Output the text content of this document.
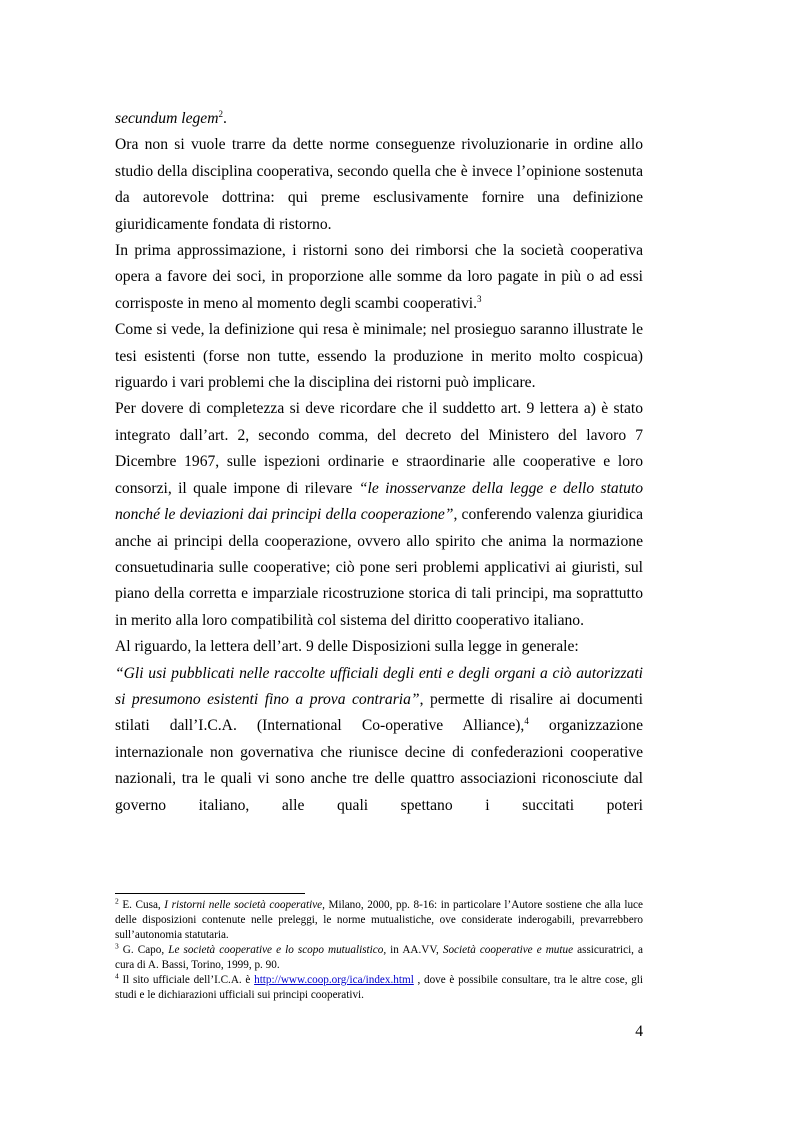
secundum legem$^2$.

Ora non si vuole trarre da dette norme conseguenze rivoluzionarie in ordine allo studio della disciplina cooperativa, secondo quella che è invece l’opinione sostenuta da autorevole dottrina: qui preme esclusivamente fornire una definizione giuridicamente fondata di ristorno.

In prima approssimazione, i ristorni sono dei rimborsi che la società cooperativa opera a favore dei soci, in proporzione alle somme da loro pagate in più o ad essi corrisposte in meno al momento degli scambi cooperativi.$^3$

Come si vede, la definizione qui resa è minimale; nel prosieguo saranno illustrate le tesi esistenti (forse non tutte, essendo la produzione in merito molto cospicua) riguardo i vari problemi che la disciplina dei ristorni può implicare.

Per dovere di completezza si deve ricordare che il suddetto art. 9 lettera a) è stato integrato dall’art. 2, secondo comma, del decreto del Ministero del lavoro 7 Dicembre 1967, sulle ispezioni ordinarie e straordinarie alle cooperative e loro consorzi, il quale impone di rilevare “le inosservanze della legge e dello statuto nonché le deviazioni dai principi della cooperazione”, conferendo valenza giuridica anche ai principi della cooperazione, ovvero allo spirito che anima la normazione consuetudinaria sulle cooperative; ciò pone seri problemi applicativi ai giuristi, sul piano della corretta e imparziale ricostruzione storica di tali principi, ma soprattutto in merito alla loro compatibilità col sistema del diritto cooperativo italiano.

Al riguardo, la lettera dell’art. 9 delle Disposizioni sulla legge in generale:

“Gli usi pubblicati nelle raccolte ufficiali degli enti e degli organi a ciò autorizzati si presumono esistenti fino a prova contraria”, permette di risalire ai documenti stilati dall’I.C.A. (International Co-operative Alliance),$^4$ organizzazione internazionale non governativa che riunisce decine di confederazioni cooperative nazionali, tra le quali vi sono anche tre delle quattro associazioni riconosciute dal governo italiano, alle quali spettano i succitati poteri

$^2$ E. Cusa, I ristorni nelle società cooperative, Milano, 2000, pp. 8-16: in particolare l’Autore sostiene che alla luce delle disposizioni contenute nelle preleggi, le norme mutualistiche, ove considerate inderogabili, prevarrebbero sull’autonomia statutaria.

$^3$ G. Capo, Le società cooperative e lo scopo mutualistico, in AA.VV, Società cooperative e mutue assicuratrici, a cura di A. Bassi, Torino, 1999, p. 90.

$^4$ Il sito ufficiale dell’I.C.A. è http://www.coop.org/ica/index.html , dove è possibile consultare, tra le altre cose, gli studi e le dichiarazioni ufficiali sui principi cooperativi.

4
